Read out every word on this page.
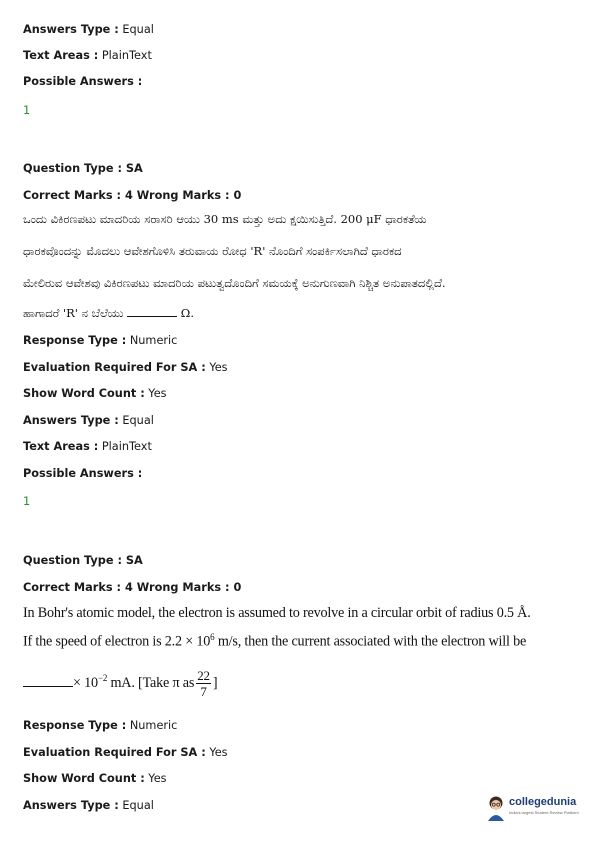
Answers Type : Equal
Text Areas : PlainText
Possible Answers :
1
Question Type : SA
Correct Marks : 4 Wrong Marks : 0
ಒಂದು ವಿಕಿರಣಪಟು ಮಾದರಿಯ ಸರಾಸರಿ ಆಯು 30 ms ಮತ್ತು ಅದು ಕ್ಷಯಿಸುತ್ತಿದೆ. 200 μF ಧಾರಕತೆಯ
ಧಾರಕವೊಂದನ್ನು ಮೊದಲು ಆವೇಶಗೊಳಿಸಿ ತರುವಾಯ ರೋಧ 'R' ನೊಂದಿಗೆ ಸಂಪರ್ಕಿಸಲಾಗಿದೆ ಧಾರಕದ
ಮೇಲಿರುವ ಆವೇಶವು ವಿಕಿರಣಪಟು ಮಾದರಿಯ ಪಟುತ್ವದೊಂದಿಗೆ ಸಮಯಕ್ಕೆ ಅನುಗುಣವಾಗಿ ನಿಶ್ಚಿತ ಅನುಪಾತದಲ್ಲಿದೆ.
ಹಾಗಾದರೆ 'R' ನ ಬೆಲೆಯು	Ω.
Response Type : Numeric
Evaluation Required For SA : Yes
Show Word Count : Yes
Answers Type : Equal
Text Areas : PlainText
Possible Answers :
1
Question Type : SA
Correct Marks : 4 Wrong Marks : 0
In Bohr's atomic model, the electron is assumed to revolve in a circular orbit of radius 0.5 Å.
If the speed of electron is $2.2 \times 10^6$ m/s, then the current associated with the electron will be
× $10^{-2}$ mA. [Take π as $\frac{22}{7}$ ]
Response Type : Numeric
Evaluation Required For SA : Yes
Show Word Count : Yes
Answers Type : Equal	collegedunia
India's largest Student Review Platform
